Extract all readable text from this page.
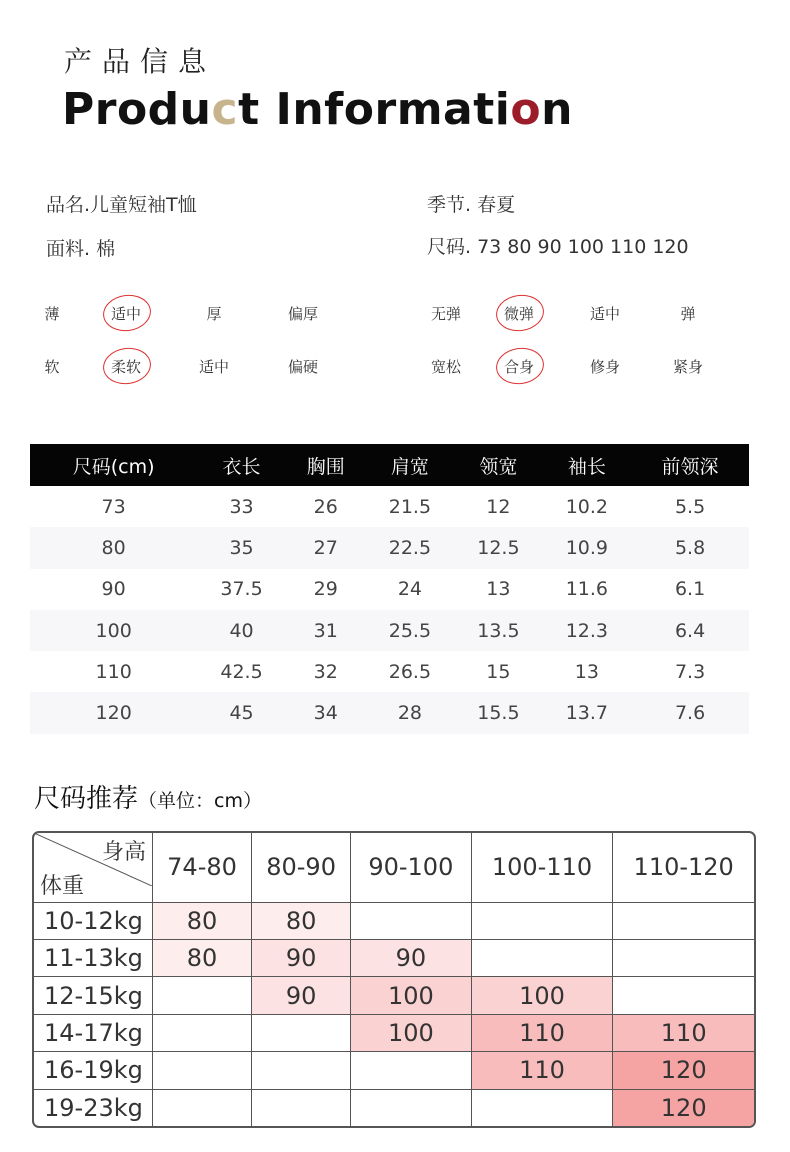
产品信息
Product Information
品名.儿童短袖T恤	季节. 春夏
面料. 棉	尺码. 73 80 90 100 110 120
薄	适中	厚	偏厚	无弹	微弹	适中	弹
软	柔软	适中	偏硬	宽松	合身	修身	紧身
尺码(cm)	衣长	胸围	肩宽	领宽	袖长	前领深
73	33	26	21.5	12	10.2	5.5
80	35	27	22.5	12.5	10.9	5.8
90	37.5	29	24	13	11.6	6.1
100	40	31	25.5	13.5	12.3	6.4
110	42.5	32	26.5	15	13	7.3
120	45	34	28	15.5	13.7	7.6
尺码推荐（单位：cm）
身高
体重	74-80	80-90	90-100	100-110	110-120
10-12kg	80	80			
11-13kg	80	90	90		
12-15kg		90	100	100	
14-17kg			100	110	110
16-19kg				110	120
19-23kg					120
